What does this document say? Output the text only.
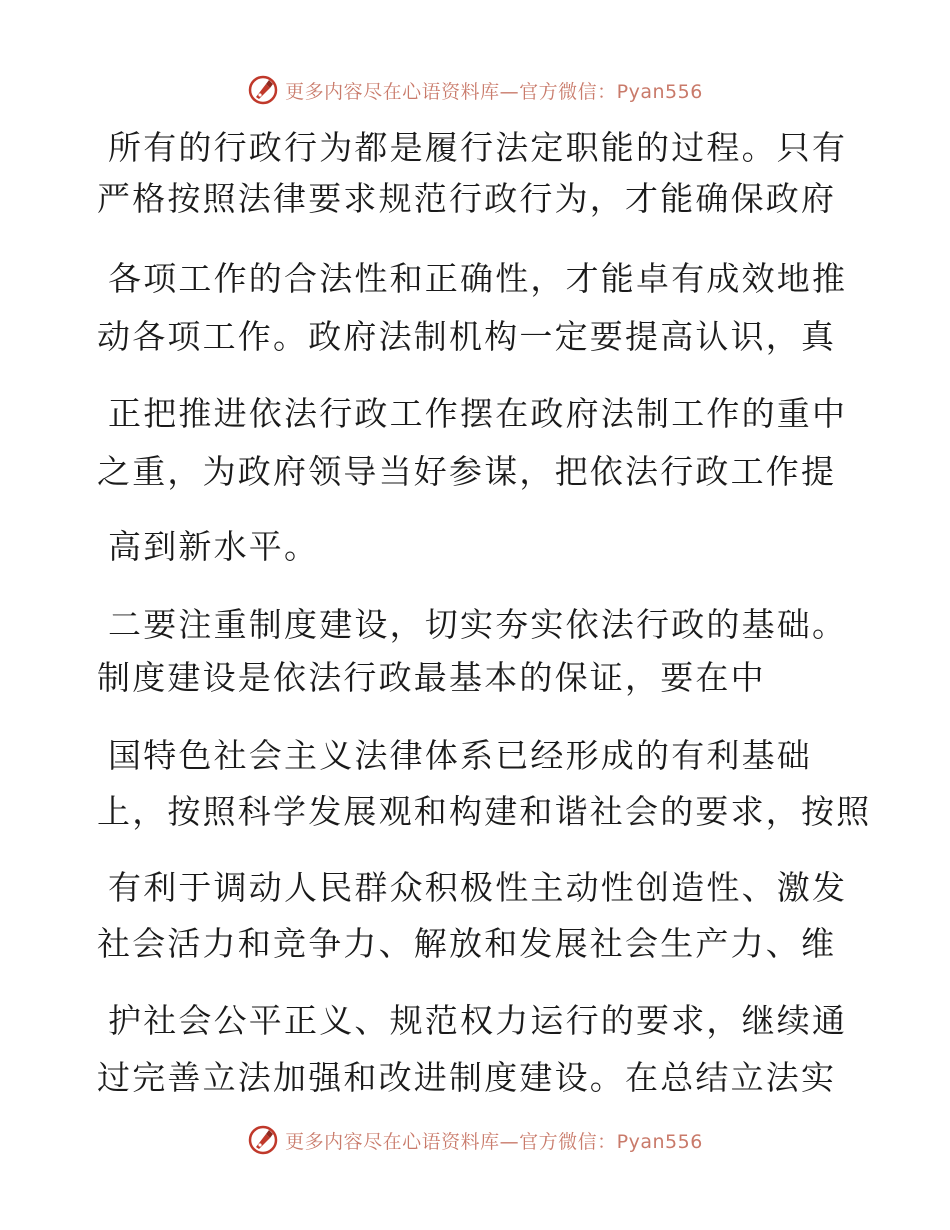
更多内容尽在心语资料库—官方微信：Pyan556
所有的行政行为都是履行法定职能的过程。只有
严格按照法律要求规范行政行为，才能确保政府
各项工作的合法性和正确性，才能卓有成效地推
动各项工作。政府法制机构一定要提高认识，真
正把推进依法行政工作摆在政府法制工作的重中
之重，为政府领导当好参谋，把依法行政工作提
高到新水平。
二要注重制度建设，切实夯实依法行政的基础。
制度建设是依法行政最基本的保证，要在中
国特色社会主义法律体系已经形成的有利基础
上，按照科学发展观和构建和谐社会的要求，按照
有利于调动人民群众积极性主动性创造性、激发
社会活力和竞争力、解放和发展社会生产力、维
护社会公平正义、规范权力运行的要求，继续通
过完善立法加强和改进制度建设。在总结立法实
更多内容尽在心语资料库—官方微信：Pyan556
